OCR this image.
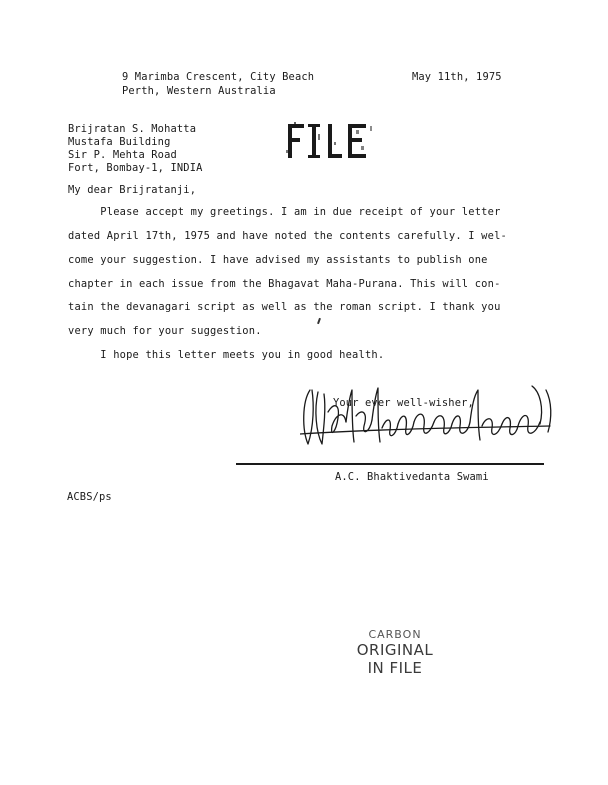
9 Marimba Crescent, City Beach
Perth, Western Australia
May 11th, 1975
Brijratan S. Mohatta
Mustafa Building
Sir P. Mehta Road
Fort, Bombay-1, INDIA
My dear Brijratanji,
Please accept my greetings. I am in due receipt of your letter
dated April 17th, 1975 and have noted the contents carefully. I wel-
come your suggestion. I have advised my assistants to publish one
chapter in each issue from the Bhagavat Maha-Purana. This will con-
tain the devanagari script as well as the roman script. I thank you
very much for your suggestion.
I hope this letter meets you in good health.
Your ever well-wisher,
A.C. Bhaktivedanta Swami
ACBS/ps
CARBON
ORIGINAL
IN FILE
